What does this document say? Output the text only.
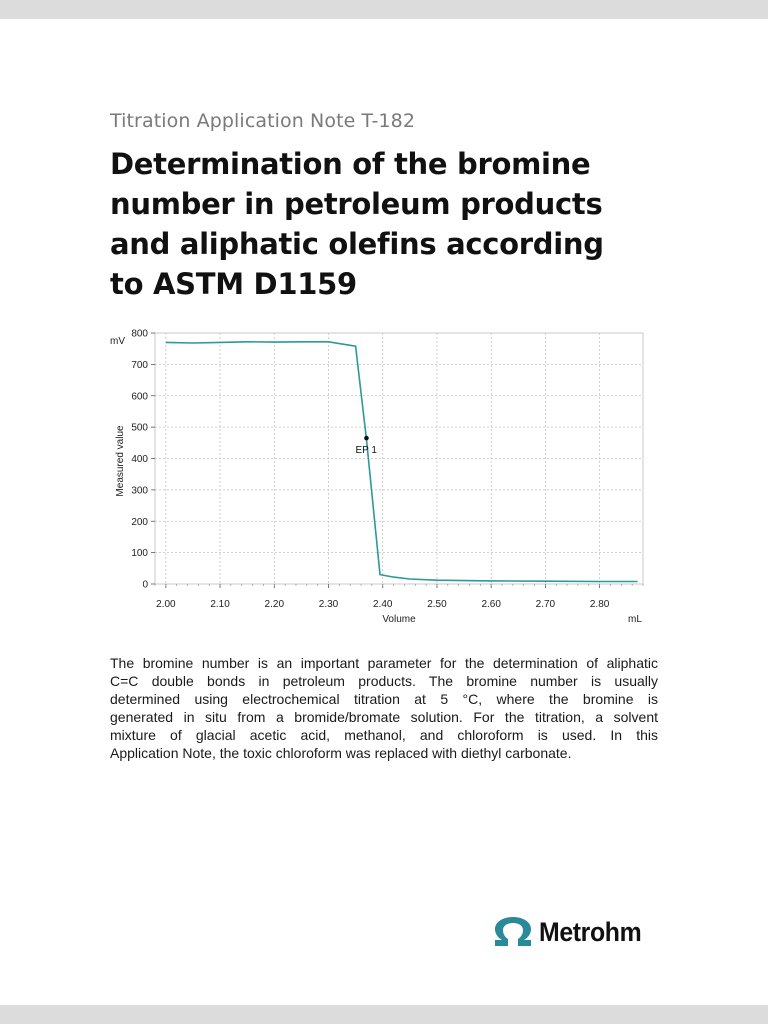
Titration Application Note T-182
Determination of the bromine
number in petroleum products
and aliphatic olefins according
to ASTM D1159
0
100
200
300
400
500
600
700
800
2.00	2.10	2.20	2.30	2.40	2.50	2.60	2.70	2.80
EP 1
mV
mL
Volume
Measured value

The bromine number is an important parameter for the determination of aliphatic
C=C double bonds in petroleum products. The bromine number is usually
determined using electrochemical titration at 5 °C, where the bromine is
generated in situ from a bromide/bromate solution. For the titration, a solvent
mixture of glacial acetic acid, methanol, and chloroform is used. In this
Application Note, the toxic chloroform was replaced with diethyl carbonate.

Metrohm
